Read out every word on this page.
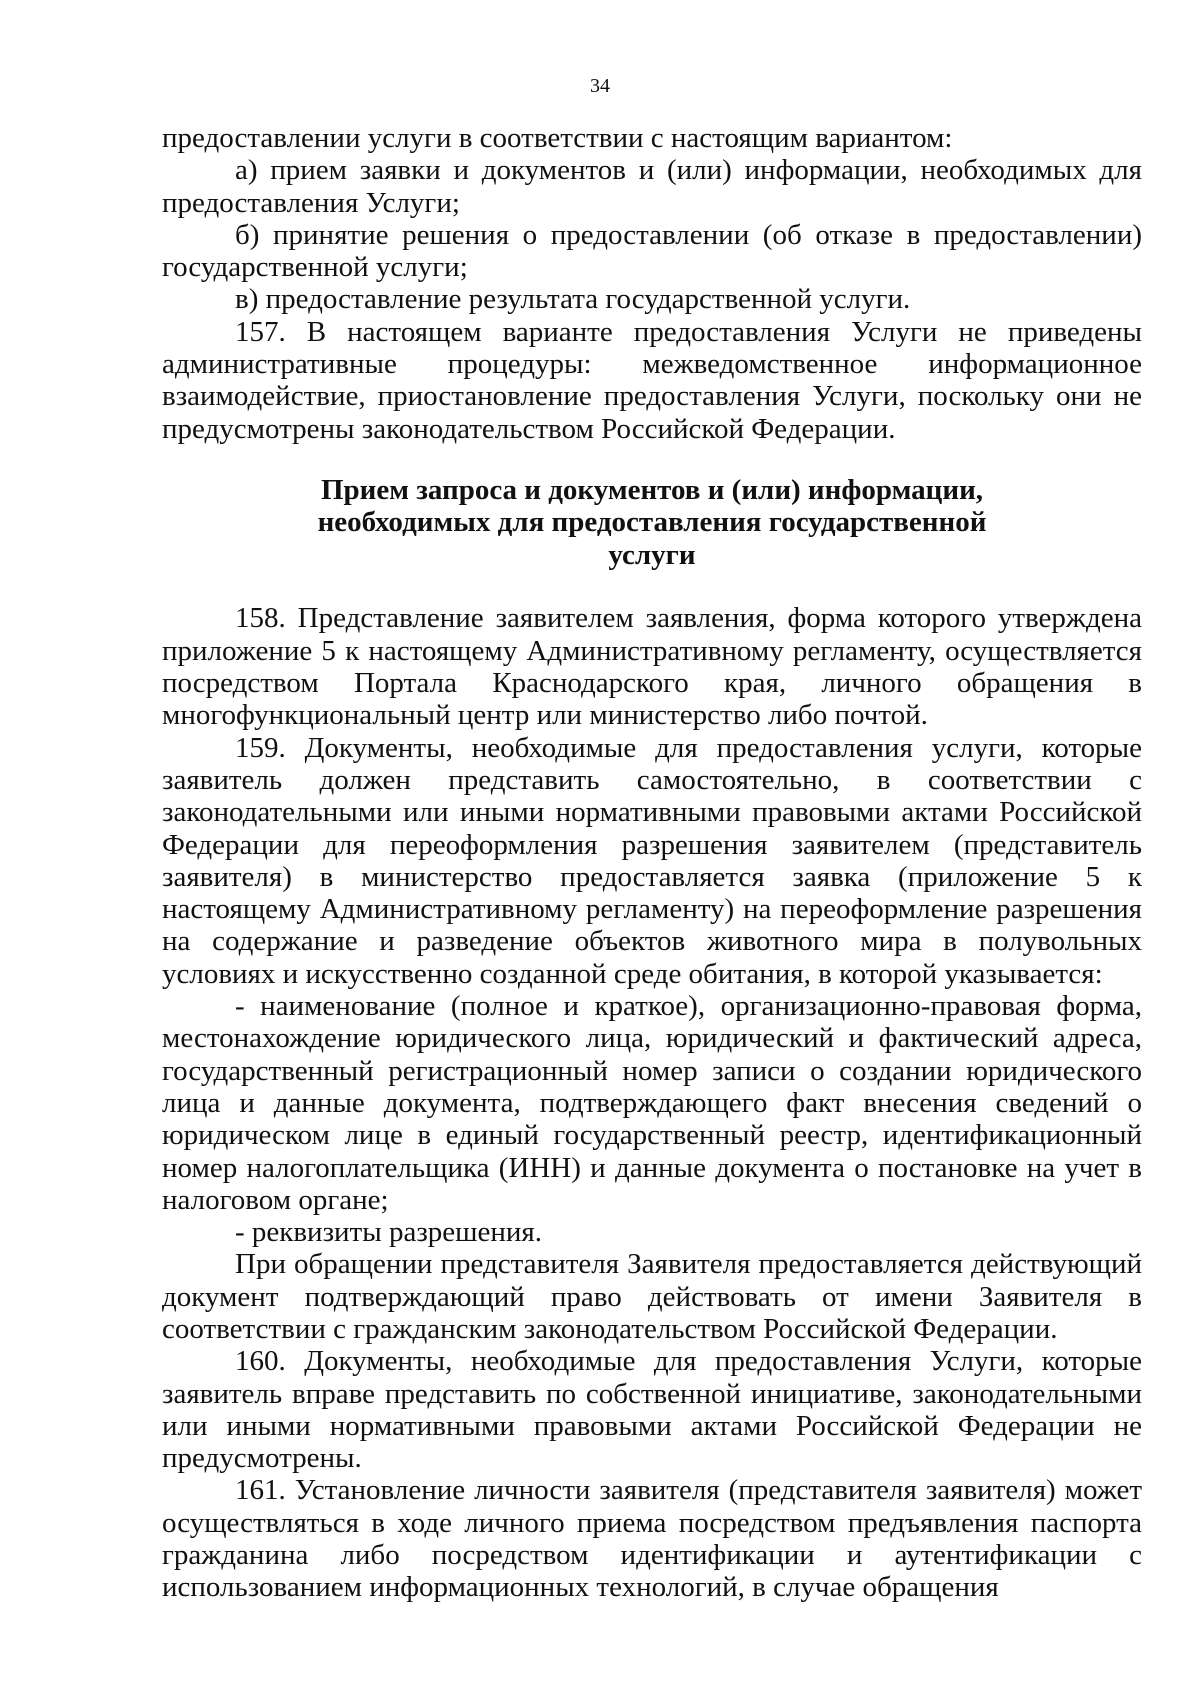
34

предоставлении услуги в соответствии с настоящим вариантом:

а) прием заявки и документов и (или) информации, необходимых для предоставления Услуги;

б) принятие решения о предоставлении (об отказе в предоставлении) государственной услуги;

в) предоставление результата государственной услуги.

157. В настоящем варианте предоставления Услуги не приведены административные процедуры: межведомственное информационное взаимодействие, приостановление предоставления Услуги, поскольку они не предусмотрены законодательством Российской Федерации.

Прием запроса и документов и (или) информации,
необходимых для предоставления государственной
услуги

158. Представление заявителем заявления, форма которого утверждена приложение 5 к настоящему Административному регламенту, осуществляется посредством Портала Краснодарского края, личного обращения в многофункциональный центр или министерство либо почтой.

159. Документы, необходимые для предоставления услуги, которые заявитель должен представить самостоятельно, в соответствии с законодательными или иными нормативными правовыми актами Российской Федерации для переоформления разрешения заявителем (представитель заявителя) в министерство предоставляется заявка (приложение 5 к настоящему Административному регламенту) на переоформление разрешения на содержание и разведение объектов животного мира в полувольных условиях и искусственно созданной среде обитания, в которой указывается:

- наименование (полное и краткое), организационно-правовая форма, местонахождение юридического лица, юридический и фактический адреса, государственный регистрационный номер записи о создании юридического лица и данные документа, подтверждающего факт внесения сведений о юридическом лице в единый государственный реестр, идентификационный номер налогоплательщика (ИНН) и данные документа о постановке на учет в налоговом органе;

- реквизиты разрешения.

При обращении представителя Заявителя предоставляется действующий документ подтверждающий право действовать от имени Заявителя в соответствии с гражданским законодательством Российской Федерации.

160. Документы, необходимые для предоставления Услуги, которые заявитель вправе представить по собственной инициативе, законодательными или иными нормативными правовыми актами Российской Федерации не предусмотрены.

161. Установление личности заявителя (представителя заявителя) может осуществляться в ходе личного приема посредством предъявления паспорта гражданина либо посредством идентификации и аутентификации с использованием информационных технологий, в случае обращения
